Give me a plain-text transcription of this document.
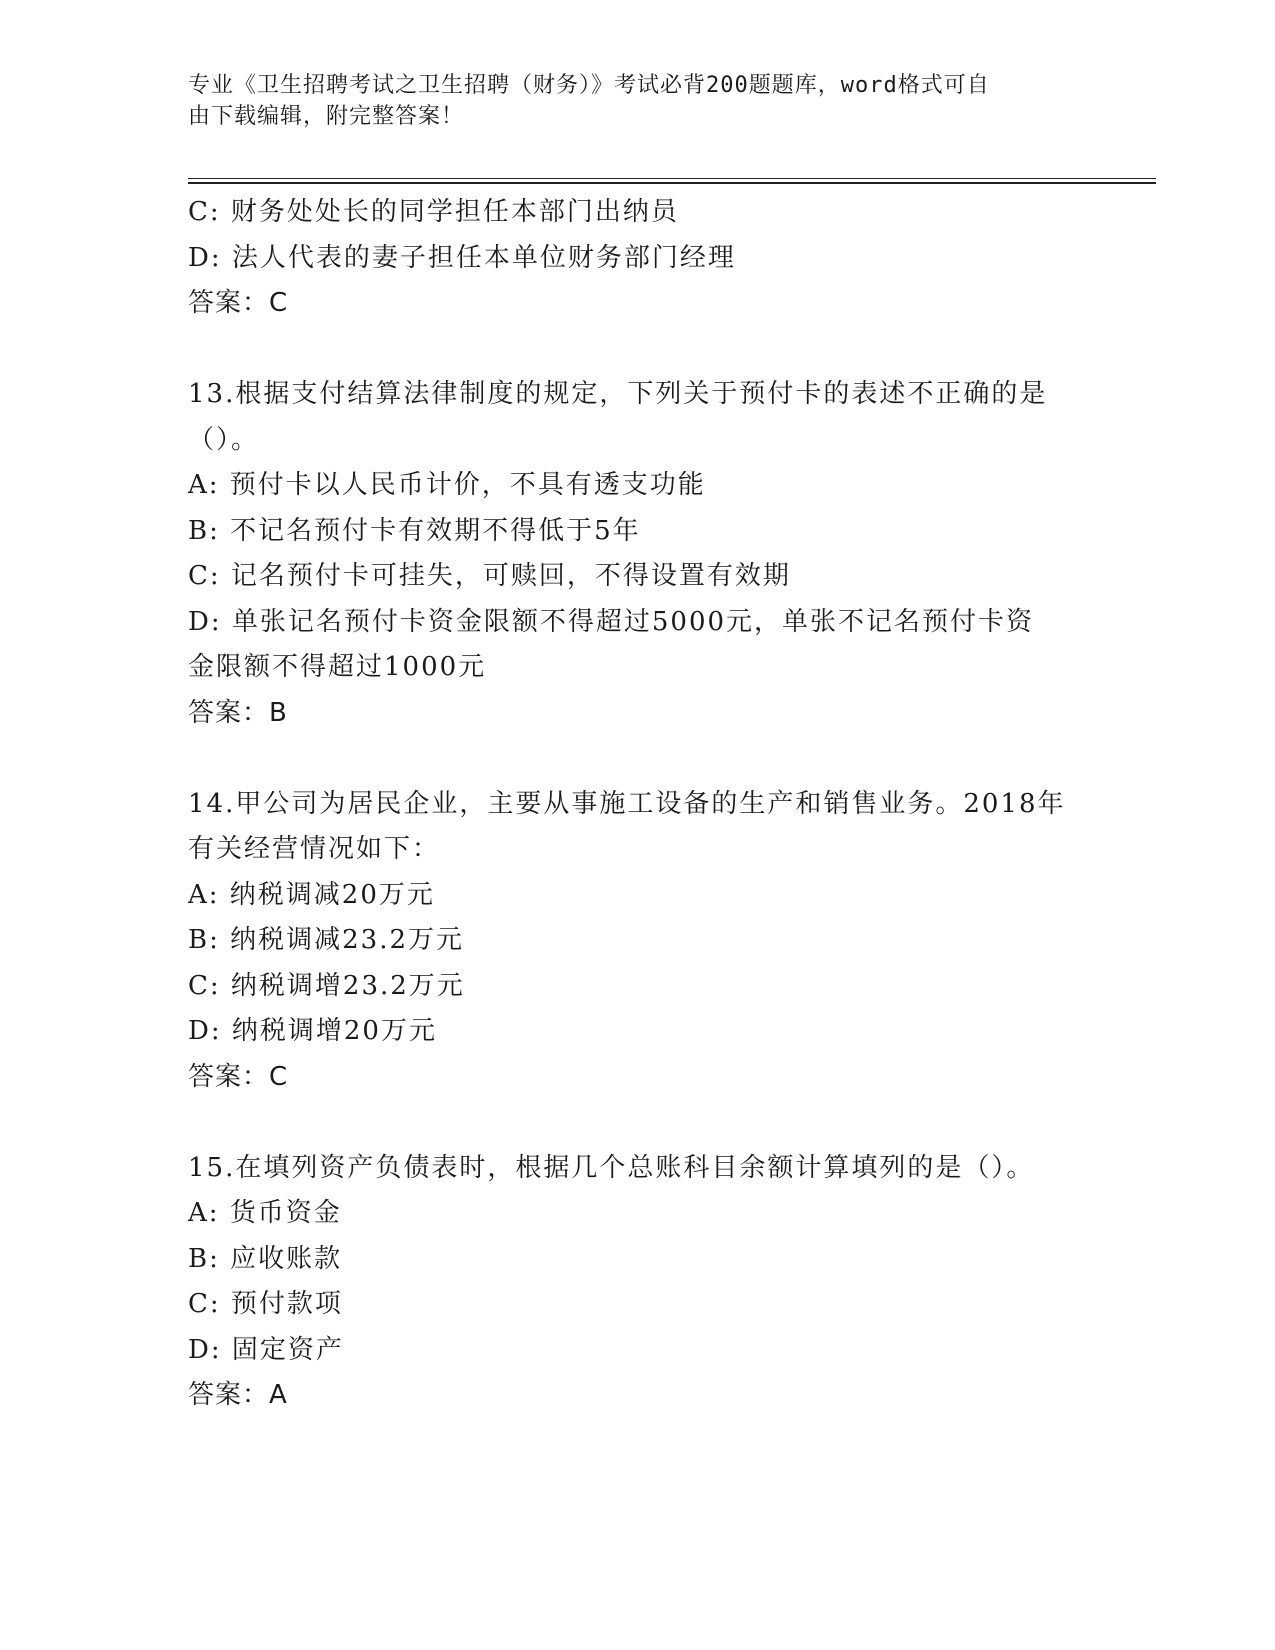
专业《卫生招聘考试之卫生招聘（财务）》考试必背200题题库，word格式可自
由下载编辑，附完整答案！
C: 财务处处长的同学担任本部门出纳员
D: 法人代表的妻子担任本单位财务部门经理
答案：C
13.根据支付结算法律制度的规定，下列关于预付卡的表述不正确的是
（）。
A: 预付卡以人民币计价，不具有透支功能
B: 不记名预付卡有效期不得低于5年
C: 记名预付卡可挂失，可赎回，不得设置有效期
D: 单张记名预付卡资金限额不得超过5000元，单张不记名预付卡资
金限额不得超过1000元
答案：B
14.甲公司为居民企业，主要从事施工设备的生产和销售业务。2018年
有关经营情况如下：
A: 纳税调减20万元
B: 纳税调减23.2万元
C: 纳税调增23.2万元
D: 纳税调增20万元
答案：C
15.在填列资产负债表时，根据几个总账科目余额计算填列的是（）。
A: 货币资金
B: 应收账款
C: 预付款项
D: 固定资产
答案：A
